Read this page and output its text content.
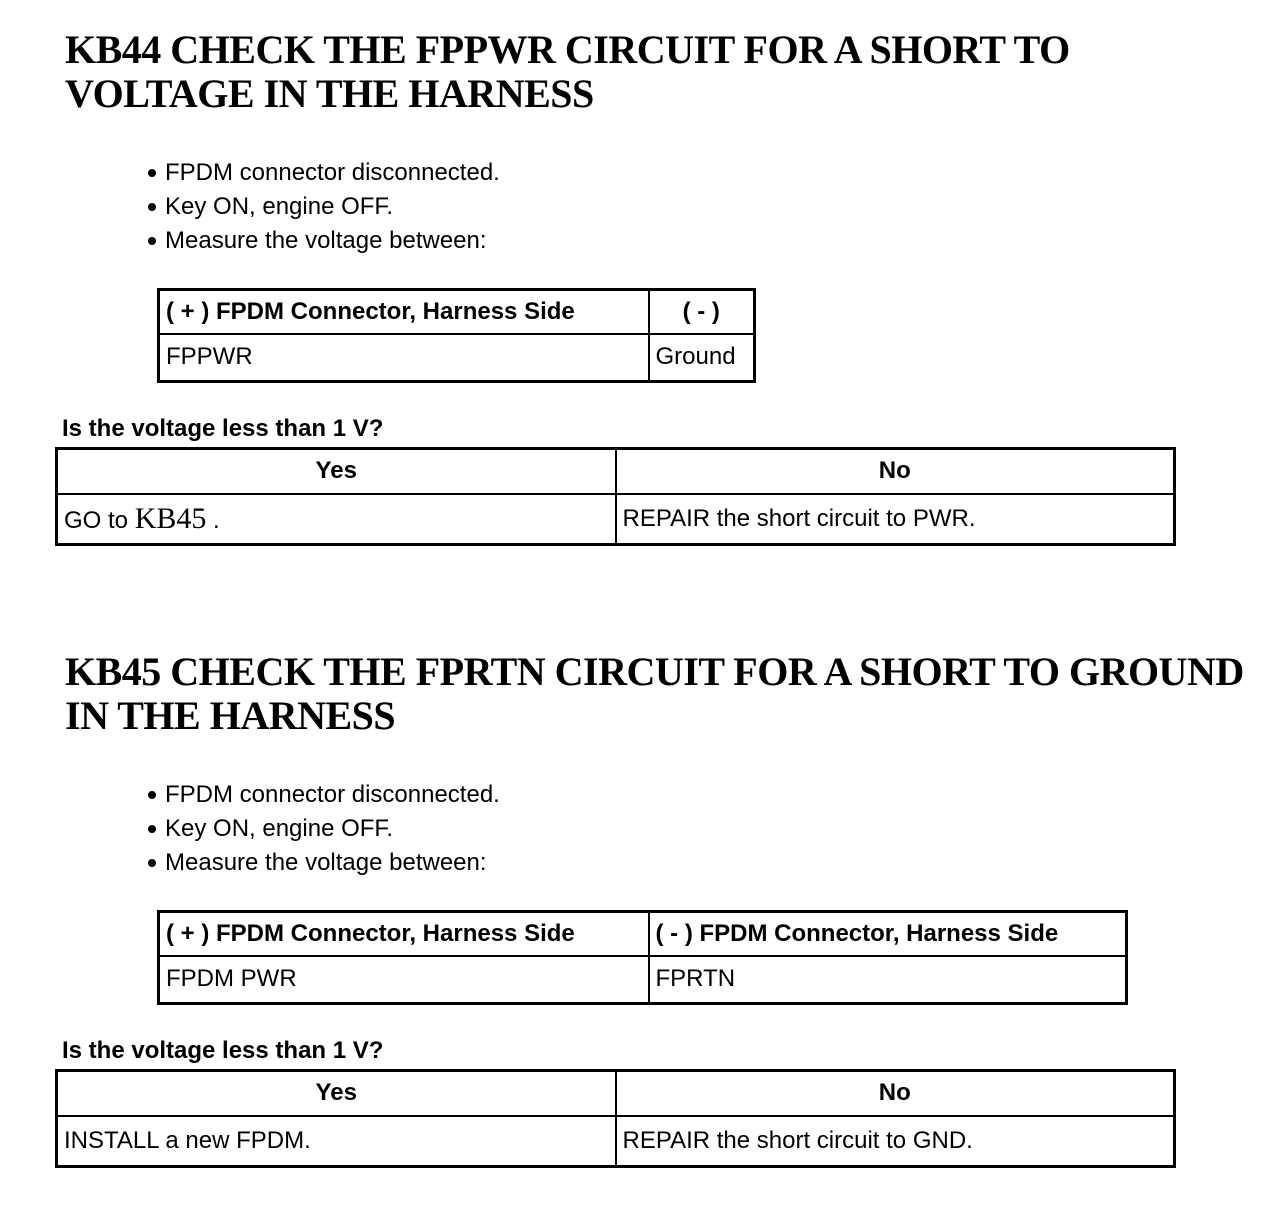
KB44 CHECK THE FPPWR CIRCUIT FOR A SHORT TO
VOLTAGE IN THE HARNESS
FPDM connector disconnected.
Key ON, engine OFF.
Measure the voltage between:
( + ) FPDM Connector, Harness Side	( - )
FPPWR	Ground

Is the voltage less than 1 V?

Yes	No
GO to KB45 .	REPAIR the short circuit to PWR.
KB45 CHECK THE FPRTN CIRCUIT FOR A SHORT TO GROUND
IN THE HARNESS
FPDM connector disconnected.
Key ON, engine OFF.
Measure the voltage between:
( + ) FPDM Connector, Harness Side	( - ) FPDM Connector, Harness Side
FPDM PWR	FPRTN

Is the voltage less than 1 V?

Yes	No
INSTALL a new FPDM.	REPAIR the short circuit to GND.
